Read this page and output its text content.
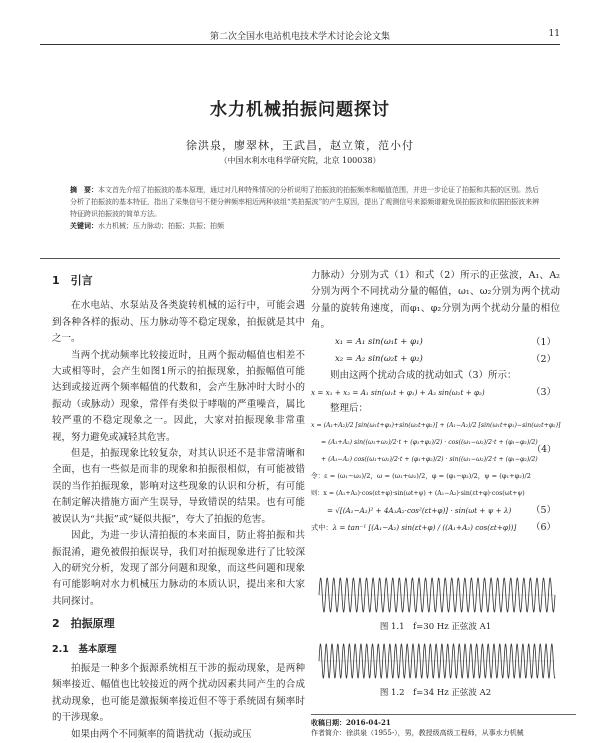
第二次全国水电站机电技术学术讨论会论文集	11
水力机械拍振问题探讨
徐洪泉，廖翠林，王武昌，赵立策，范小付
（中国水利水电科学研究院，北京 100038）
摘　要：本文首先介绍了拍振波的基本原理，通过对几种特殊情况的分析说明了拍振波的拍振频率和幅值范围，并进一步论证了拍振和共振的区别。然后分析了拍振波的基本特征，指出了采集信号不便分辨频率相近两种波组“类拍振波”的产生原因，提出了观测信号来源频谱避免误拍振波和依据拍振波来辨特征跨识拍振波的简单方法。
关键词：水力机械；压力脉动；拍振；共振；拍频
1　引言

在水电站、水泵站及各类旋转机械的运行中，可能会遇到各种各样的振动、压力脉动等不稳定现象，拍振就是其中之一。

当两个扰动频率比较接近时，且两个振动幅值也相差不大或相等时，会产生如图1所示的拍振现象，拍振幅值可能达到或接近两个频率幅值的代数和，会产生脉冲时大时小的振动（或脉动）现象，常伴有类似于哮喘的严重噪音，属比较严重的不稳定现象之一。因此，大家对拍振现象非常重视，努力避免或减轻其危害。

但是，拍振现象比较复杂，对其认识还不是非常清晰和全面，也有一些似是而非的现象和拍振很相似，有可能被错误的当作拍振现象，影响对这些现象的认识和分析，有可能在制定解决措施方面产生误导，导致错误的结果。也有可能被误认为“共振”或“疑似共振”，夸大了拍振的危害。

因此，为进一步认清拍振的本来面目，防止将拍振和共振混淆，避免被假拍振误导，我们对拍振现象进行了比较深入的研究分析，发现了部分问题和现象，而这些问题和现象有可能影响对水力机械压力脉动的本质认识，提出来和大家共同探讨。

2　拍振原理
2.1　基本原理

拍振是一种多个振源系统相互干涉的振动现象，是两种频率接近、幅值也比较接近的两个扰动因素共同产生的合成扰动现象，也可能是激振频率接近但不等于系统固有频率时的干涉现象。

如果由两个不同频率的简谐扰动（振动或压

力脉动）分别为式（1）和式（2）所示的正弦波，A₁、A₂分别为两个不同扰动分量的幅值，ω₁、ω₂分别为两个扰动分量的旋转角速度，而φ₁、φ₂分别为两个扰动分量的相位角。

x₁ = A₁ sin(ω₁t + φ₁)	（1）
x₂ = A₂ sin(ω₂t + φ₂)	（2）

则由这两个扰动合成的扰动如式（3）所示：

x = x₁ + x₂ = A₁ sin(ω₁t + φ₁) + A₂ sin(ω₂t + φ₂)	（3）

整理后：

x = (A₁+A₂)/2 [sin(ω₁t+φ₁)+sin(ω₂t+φ₂)] + (A₁−A₂)/2 [sin(ω₁t+φ₁)−sin(ω₂t+φ₂)]
= (A₁+A₂) sin((ω₁+ω₂)/2·t + (φ₁+φ₂)/2) · cos((ω₁−ω₂)/2·t + (φ₁−φ₂)/2)
+ (A₁−A₂) cos((ω₁+ω₂)/2·t + (φ₁+φ₂)/2) · sin((ω₁−ω₂)/2·t + (φ₁−φ₂)/2)
（4）
令：ε = (ω₁−ω₂)/2，ω = (ω₁+ω₂)/2，φ = (φ₁−φ₂)/2，ψ = (φ₁+φ₂)/2
则：x = (A₁+A₂)·cos(εt+φ)·sin(ωt+ψ) + (A₁−A₂)·sin(εt+φ)·cos(ωt+ψ)
= √[(A₁−A₂)² + 4A₁A₂·cos²(εt+φ)] · sin(ωt + ψ + λ) （5）
式中：λ = tan⁻¹ [(A₁−A₂) sin(εt+φ) / ((A₁+A₂) cos(εt+φ))] （6）
图 1.1　f=30 Hz 正弦波 A1
图 1.2　f=34 Hz 正弦波 A2
收稿日期：2016-04-21
作者简介：徐洪泉（1955-），男，教授级高级工程师，从事水力机械
